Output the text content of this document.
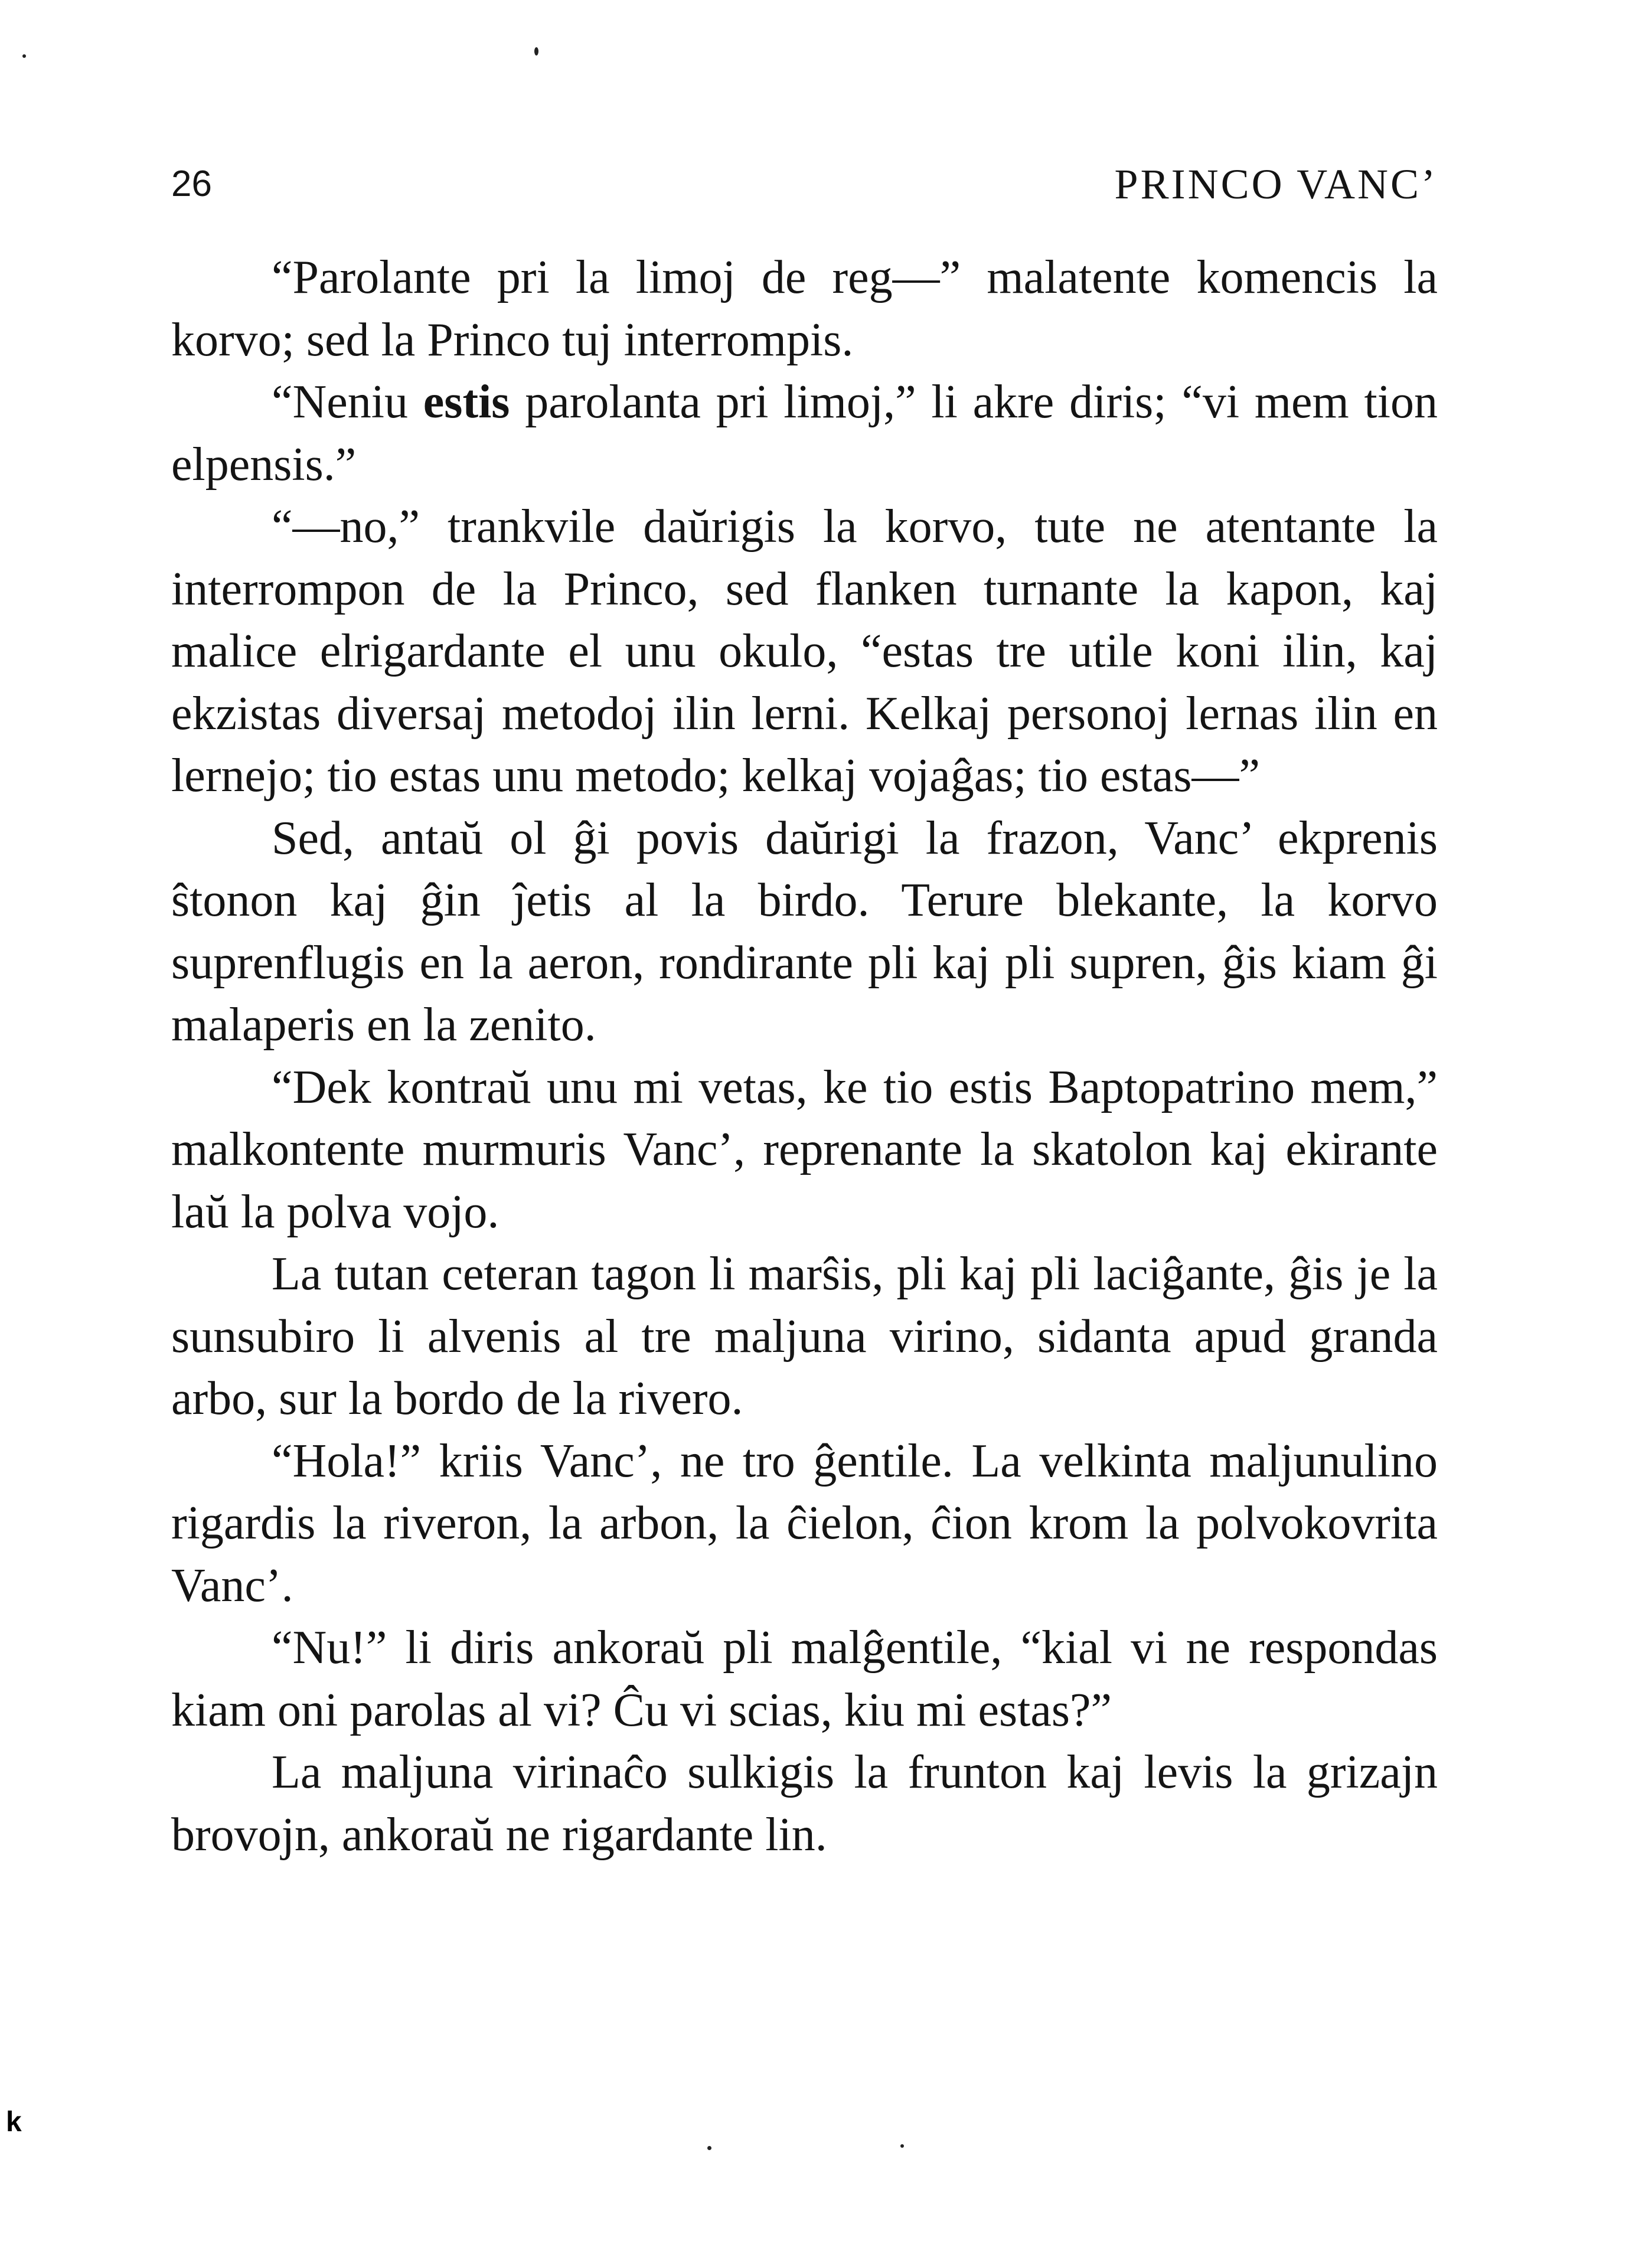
26	PRINCO VANC’

“Parolante pri la limoj de reg—” malatente komencis la korvo; sed la Princo tuj interrompis.

“Neniu estis parolanta pri limoj,” li akre diris; “vi mem tion elpensis.”

“—no,” trankvile daŭrigis la korvo, tute ne atentante la interrompon de la Princo, sed flanken turnante la kapon, kaj malice elrigardante el unu okulo, “estas tre utile koni ilin, kaj ekzistas diversaj metodoj ilin lerni. Kelkaj personoj lernas ilin en lernejo; tio estas unu metodo; kelkaj vojaĝas; tio estas—”

Sed, antaŭ ol ĝi povis daŭrigi la frazon, Vanc’ ekprenis ŝtonon kaj ĝin ĵetis al la birdo. Terure blekante, la korvo suprenflugis en la aeron, rondirante pli kaj pli supren, ĝis kiam ĝi malaperis en la zenito.

“Dek kontraŭ unu mi vetas, ke tio estis Baptopatrino mem,” malkontente murmuris Vanc’, reprenante la skatolon kaj ekirante laŭ la polva vojo.

La tutan ceteran tagon li marŝis, pli kaj pli laciĝante, ĝis je la sunsubiro li alvenis al tre maljuna virino, sidanta apud granda arbo, sur la bordo de la rivero.

“Hola!” kriis Vanc’, ne tro ĝentile. La velkinta maljunulino rigardis la riveron, la arbon, la ĉielon, ĉion krom la polvokovrita Vanc’.

“Nu!” li diris ankoraŭ pli malĝentile, “kial vi ne respondas kiam oni parolas al vi? Ĉu vi scias, kiu mi estas?”

La maljuna virinaĉo sulkigis la frunton kaj levis la grizajn brovojn, ankoraŭ ne rigardante lin.

k
